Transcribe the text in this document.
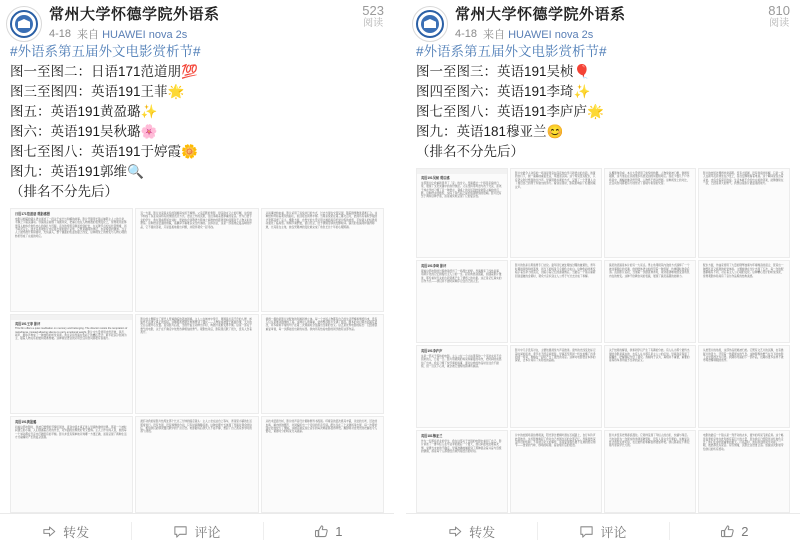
常州大学怀德学院外语系
4-18 来自 HUAWEI nova 2s
523
阅读
#外语系第五届外文电影赏析节#
图一至图二：日语171范道朋💯
图三至图四：英语191王菲🌟
图五：英语191黄盈璐✨
图六：英语191吴秋璐🌸
图七至图八：英语191于婷霞🌼
图九：英语191郭维🔍
（排名不分先后）
日语171范道朋 观影感想
电影以细腻的镜头语言讲述了一段关于成长与和解的故事。影片开篇用长镜头铺陈主人公的日常，平静之下暗流涌动。导演刻意削弱了戏剧冲突，把重心放在人物细微的表情变化上，使得观众能够更深入地体会角色内心的挣扎与迟疑。音乐的使用克制而恰到好处，在关键节点轻轻托起情绪，而不喧宾夺主。我尤其喜欢影片中反复出现的窗户意象，它既是隔阂的象征，也是希望的通道。当主人公最终推开那扇窗时，光线涌入，整个画面的色温也随之改变，这种视觉上的转变与人物心理的转折形成了完美的呼应。
另一方面，影片对家庭关系的刻画真实而不煽情。父亲沉默的背影、母亲欲言又止的叮嘱，这些细节构成了东亚家庭特有的情感表达方式。语言之外的沉默，往往承载着更厚重的爱意。作为日语专业的学生，我在观看原版台词时，更能体会到敬语与简体之间微妙的距离感如何服务于人物关系的塑造。这种语言层面的细腻，是翻译字幕难以完全传递的。总体而言，这是一部值得反复品味的作品，它不提供答案，只是温柔地提出问题，并陪伴观众一起寻找。
从叙事结构来看，影片采用了双线并行的方式，过去与现在交替呈现，随着剧情推进逐渐汇合。这种结构考验着观众的耐心，但回报也同样丰厚。当两条线索在第三幕交汇时，此前所有看似零散的伏笔都获得了意义。摄影方面，自然光的大量运用让画面具有纪录片般的质感，手持镜头的轻微晃动强化了临场感。剪辑节奏舒缓，留白充足，给予情绪足够的发酵时间。演员的表演同样值得称道，尤其是女主角，她仅凭眼神的变化就完成了角色长达十年的心理跨越。
英语191王菲 影评
This film offers a quiet meditation on memory and belonging. The director resists the temptation of melodrama, instead allowing silence to carry emotional weight. 影片中大量使用自然声效，风声、雨声、脚步声构成了一种独特的听觉景观。我注意到导演在色彩上的精心设计：前半段以冷色调为主，随着人物关系的缓和逐渐转暖。这种视觉语言的运用比任何台词都更有说服力。
影片的主题探讨了现代人普遍面临的孤独困境。主人公在城市中穿行，周围是川流不息的人群，却始终无法建立真正的连接。这种疏离感通过构图得到了强化——人物常常被置于画面边缘，大片的空白占据中心位置。直到影片后段，当他开始主动伸出手时，构图才逐渐变得平衡。这是一部关于勇气的电影，关于在不确定中依然选择相信的勇气。观影结束后，影院里沉默了很久，没有人急着离开。
值得一提的是影片对配角的刻画同样立体。每一个出场人物都有自己的生活逻辑和情感诉求，没有人仅仅是推动剧情的工具。这种对人的尊重，使得整部影片充满了温度。剧本的对白简洁而富有层次，许多看似平常的句子在第二次观看时会显露出全新的含义。这正是优秀电影的标志：它经得起重复审视，每一次都能给出新的东西。我向所有热爱电影的同学推荐这部作品。
英语191黄盈璐
初看这部电影时，我被它缓慢的节奏所困扰，直到中段才真正进入导演构建的世界。那是一个被时间遗忘的小镇，人们遵循着古老的作息，对外面的世界既好奇又警惕。主人公作为闯入者，他的每一个举动都在无意中打破原有的平衡。影片并没有简单地评判哪一方更正确，而是呈现了两种生活方式碰撞时产生的复杂涟漪。
最打动我的是影片结尾处那个长达三分钟的固定镜头：主人公坐在站台上等车，背景里小镇的生活照常进行。没有告别，没有煽情的台词，只有时间静静流逝。这种处理方式体现了导演对观众的信任，相信我们能够读懂沉默中的千言万语。电影散场后我久久不能平静，想起了自己离家求学时的那个清晨。
从技术层面分析，影片的声音设计堪称教科书级别。环境音的层次极其丰富，远处的犬吠、近处的虫鸣、屋内的钟摆声，共同编织出一个可信的声音空间。配乐仅在三个关键场景出现，每一次都恰到好处地放大了情绪。这种克制反而让音乐的每次响起都显得珍贵。摄影师对自然光的把握也令人赞叹，黄昏时分的场景尤其美丽。
转发	评论	1
常州大学怀德学院外语系
4-18 来自 HUAWEI nova 2s
810
阅读
#外语系第五届外文电影赏析节#
图一至图三：英语191吴桢🎈
图四至图六：英语191李琦✨
图七至图八：英语191李庐庐🌟
图九：英语181穆亚兰😊
（排名不分先后）
英语191吴桢 观后感
这部影片让我重新思考了「家」的含义。导演通过一个移民家庭的日常，展现了文化夹缝中的身份焦虑。父亲坚持用母语与孩子交流，而孩子却在学校习惯了另一种语言，餐桌上的对话因此常常陷入尴尬的沉默。这种语言的断裂，实际上是代际之间价值观断裂的隐喻。影片没有急于调和这种矛盾，而是诚实地呈现了它的复杂性。
影片中最令人动容的一场戏是母亲在深夜独自学习新语言的片段。昏黄的台灯下，她一遍遍地重复发音，笨拙而认真。这个场景没有配乐，只有笔尖划过纸面的沙沙声。导演用最朴素的方式，呈现了一个普通人为了靠近自己的孩子所做出的努力。看到这里时，影院里响起了轻微的啜泣声。
从摄影角度看，本片大量使用了狭窄的构图，人物常常被门框、窗框所限制，这与他们在异国他乡所感受到的局促相呼应。而在少数几个户外场景中，画幅仿佛突然开阔，人物终于得以舒展。这种视觉上的对比，比任何台词都更有力地传达了困境与希望的交替。
影片的结尾处理得非常高明。没有大团圆，没有彻底的和解，只是一家人在新年夜并排坐在沙发上，各自安静地看着电视。这个瞬间里包含着妥协，也包含着深沉的爱。生活本就不会给出完美的答案，能够继续在一起，已经是莫大的勇气。我想这是影片最温柔的地方。
英语191李琦 影评
观看这部电影的过程像是经历了一场漫长的梦。导演摒弃了线性叙事，用碎片化的记忆拼贴出主人公的一生。起初我感到困惑，但随着影片推进，那些看似无关的片段逐渐产生了情感上的共振。这正是记忆真实的运作方式——我们并不按时间顺序记住自己的人生。
影片的色彩运用值得专门讨论。童年回忆被处理成过曝的暖黄色，青年时期则是饱和的蓝绿，而当下的场景几乎褪色为灰白。这种色彩的渐变暗示着生命力的流失，也暗示着记忆的滤镜效应。当最后一个镜头重新回到温暖的金黄时，观众才意识到主人公终于与过去达成了和解。
演员的表演是本片的另一大亮点。男主角用极其内敛的方式演绎了一个被往事困住的灵魂，他的肢体语言始终带着一种迟疑，仿佛随时准备后退。直到影片后段，当他第一次挺直脊背时，观众能清晰地感受到角色内在的转变。这种不依赖台词的表演，展现了演员高超的控制力。
配乐方面，作曲家使用了大量的钢琴独奏与环境噪音的混合，营造出一种既私密又疏离的听觉体验。主题旋律在全片出现了五次，每一次的配器都略有不同，对应着主人公心境的变化。这种精心设计的听觉线索，使得观影体验具有了音乐作品般的结构美感。
英语191李庐庐
这是一部关于等待的电影。主人公在一个小站里等待一个可能永远不会到来的人，日复一日。影片用极简的场景和重复的动作，把时间的质感拍了出来。我们习惯了快节奏的叙事，面对这样的作品时往往会不耐烦，但一旦沉下心来，就会被它独特的韵律所捕获。
影片中几乎没有对白，主要依靠视觉与声音推进。窗外的光线变化标记着时间的流逝，季节在不经意间更替。导演甚至用同一机位拍摄了四季的同一场景，剪辑在一起时产生了强烈的诗意。这种对电影语言本体的探索，让本片具有了实验性的品格。
关于结局的解读，我和同学们产生了有趣的分歧。有人认为那个最终出现的身影是真实的，也有人认为那只是主人公的幻觉。导演刻意保留了模糊性，把解释权交给了观众。我倾向于认为，真相并不重要，重要的是等待本身所赋予生命的意义。
从类型片的角度，这部作品很难被归类。它既有文艺片的沉静，也有悬疑片的张力，还带着一丝超现实的气息。这种跨界的勇气在当下的电影工业中显得尤为可贵。我期待导演的下一部作品，也期待更多这样不被市场逻辑驯服的创作。
英语181穆亚兰
作为一名即将毕业的学生，我在这部关于告别的电影中看到了自己。影片讲述了一群年轻人在毕业季的最后一个夏天，他们笨拙地处理着友情、爱情与未来的不确定。导演准确地捕捉到了那种混杂着兴奋与恐慌的情绪，那是每个人都曾经历或终将经历的时刻。
片中的校园场景拍得极美，阳光穿过梧桐叶洒在石板路上，自行车铃声此起彼伏。这些影像唤起了我对自己校园生活的全部记忆。导演显然深谙怀旧的机制：不是展示宏大的事件，而是复现那些微不足道的感官细节——食堂的气味、球场的喧闹、宿舍熄灯后的低语。
影片并没有把青春浪漫化。它同样呈现了年轻人的自私、怯懦与残忍。当友谊因为一次现实的选择而破裂时，没有人是完全无辜的。这种复杂性让角色变得可信，也让最终的和解显得更加珍贵。我们都是在不断犯错与原谅中长大的。
电影的最后一个镜头是一列开动的火车，窗外的风景飞速后退。这个略显俗套的意象在此刻却有着巨大的力量，因为我们已经陪伴这些角色走过了他们生命中最重要的夏天。灯亮起时，我和身边的同学对视了一眼，彼此都没有说话。有些情绪，沉默比言语更合适。感谢这次影展带给我们的所有感动。
转发	评论	2
